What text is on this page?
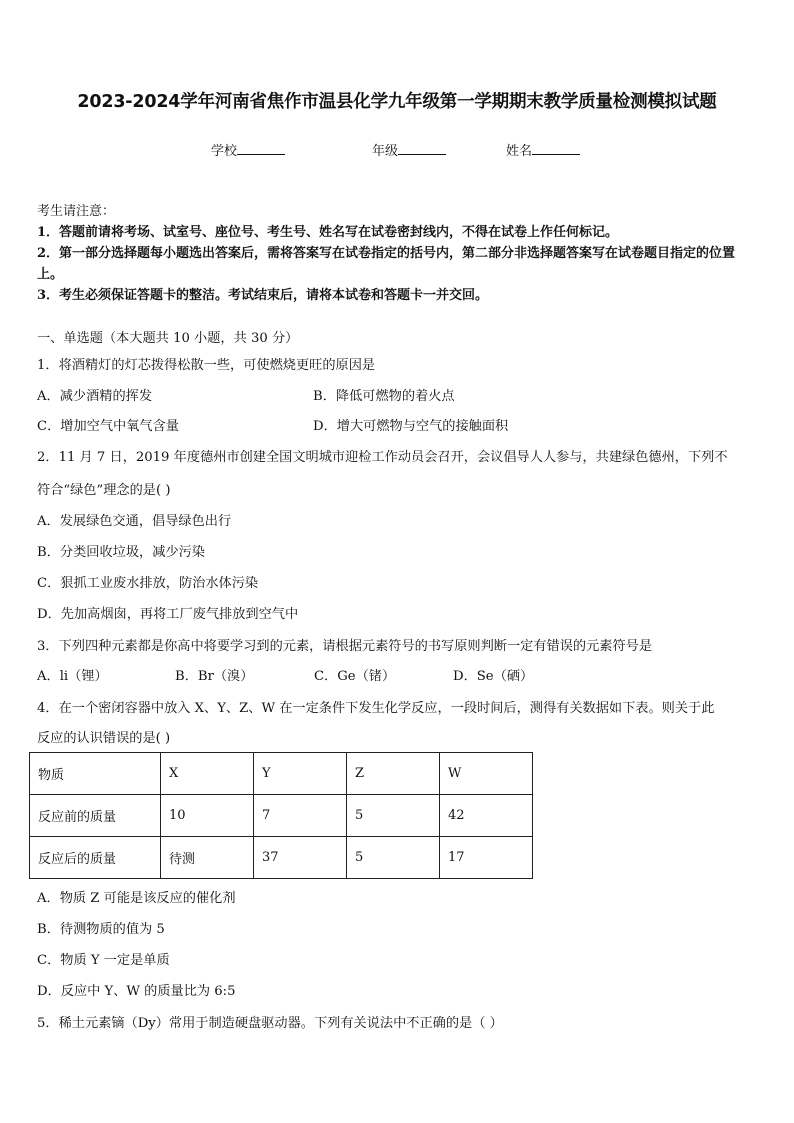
2023-2024学年河南省焦作市温县化学九年级第一学期期末教学质量检测模拟试题
学校	年级	姓名
考生请注意：
1．答题前请将考场、试室号、座位号、考生号、姓名写在试卷密封线内，不得在试卷上作任何标记。
2．第一部分选择题每小题选出答案后，需将答案写在试卷指定的括号内，第二部分非选择题答案写在试卷题目指定的位置上。
3．考生必须保证答题卡的整洁。考试结束后，请将本试卷和答题卡一并交回。
一、单选题（本大题共 10 小题，共 30 分）
1．将酒精灯的灯芯拨得松散一些，可使燃烧更旺的原因是
A．减少酒精的挥发	B．降低可燃物的着火点
C．增加空气中氧气含量	D．增大可燃物与空气的接触面积
2．11 月 7 日，2019 年度德州市创建全国文明城市迎检工作动员会召开，会议倡导人人参与，共建绿色德州，下列不
符合“绿色”理念的是( )
A．发展绿色交通，倡导绿色出行
B．分类回收垃圾，减少污染
C．狠抓工业废水排放，防治水体污染
D．先加高烟囱，再将工厂废气排放到空气中
3．下列四种元素都是你高中将要学习到的元素，请根据元素符号的书写原则判断一定有错误的元素符号是
A．li（锂）	B．Br（溴）	C．Ge（锗）	D．Se（硒）
4．在一个密闭容器中放入 X、Y、Z、W 在一定条件下发生化学反应，一段时间后，测得有关数据如下表。则关于此
反应的认识错误的是( )
物质	X	Y	Z	W
反应前的质量	10	7	5	42
反应后的质量	待测	37	5	17
A．物质 Z 可能是该反应的催化剂
B．待测物质的值为 5
C．物质 Y 一定是单质
D．反应中 Y、W 的质量比为 6:5
5．稀土元素镝（Dy）常用于制造硬盘驱动器。下列有关说法中不正确的是（ ）
